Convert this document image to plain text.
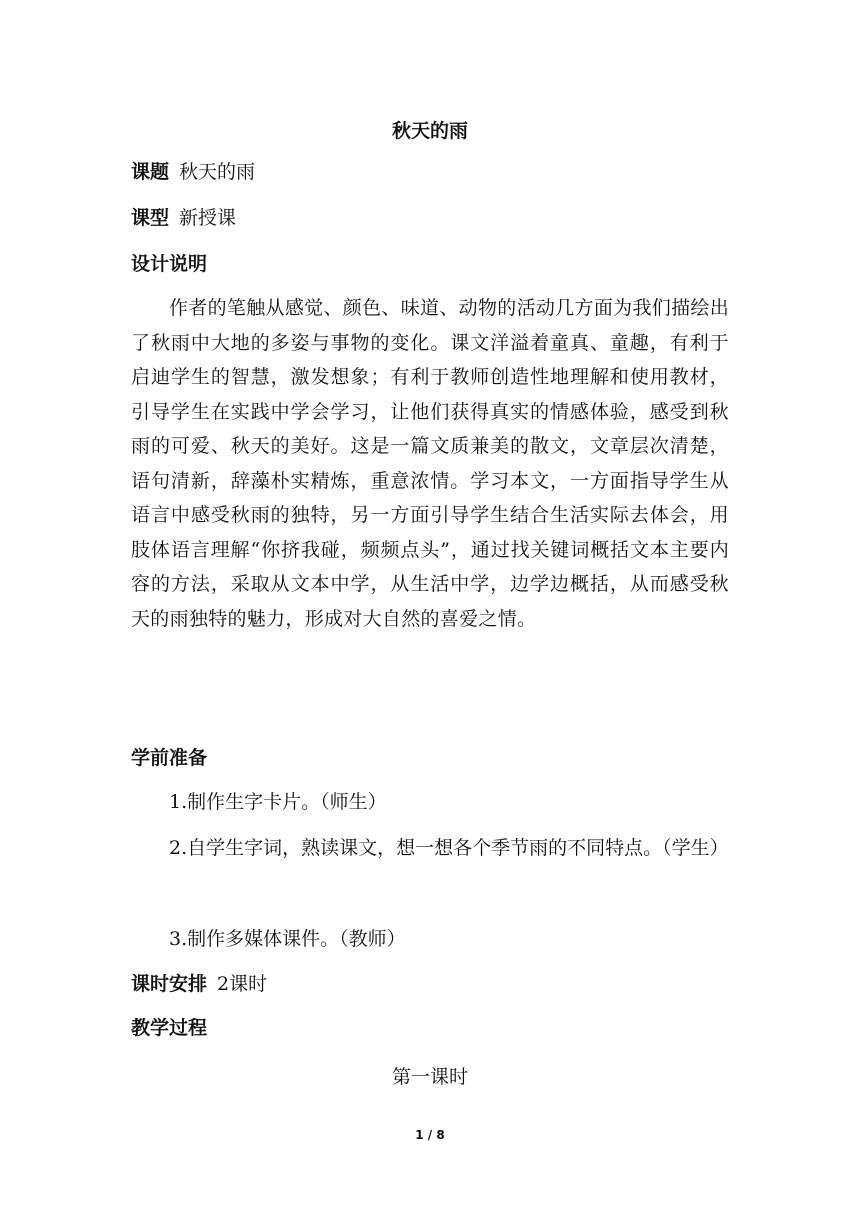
秋天的雨
课题 秋天的雨
课型 新授课
设计说明
作者的笔触从感觉、颜色、味道、动物的活动几方面为我们描绘出了秋雨中大地的多姿与事物的变化。课文洋溢着童真、童趣，有利于启迪学生的智慧，激发想象；有利于教师创造性地理解和使用教材，引导学生在实践中学会学习，让他们获得真实的情感体验，感受到秋雨的可爱、秋天的美好。这是一篇文质兼美的散文，文章层次清楚，语句清新，辞藻朴实精炼，重意浓情。学习本文，一方面指导学生从语言中感受秋雨的独特，另一方面引导学生结合生活实际去体会，用肢体语言理解“你挤我碰，频频点头”，通过找关键词概括文本主要内容的方法，采取从文本中学，从生活中学，边学边概括，从而感受秋天的雨独特的魅力，形成对大自然的喜爱之情。
学前准备
1.制作生字卡片。（师生）
2.自学生字词，熟读课文，想一想各个季节雨的不同特点。（学生）
3.制作多媒体课件。（教师）
课时安排 2课时
教学过程
第一课时
1 / 8
